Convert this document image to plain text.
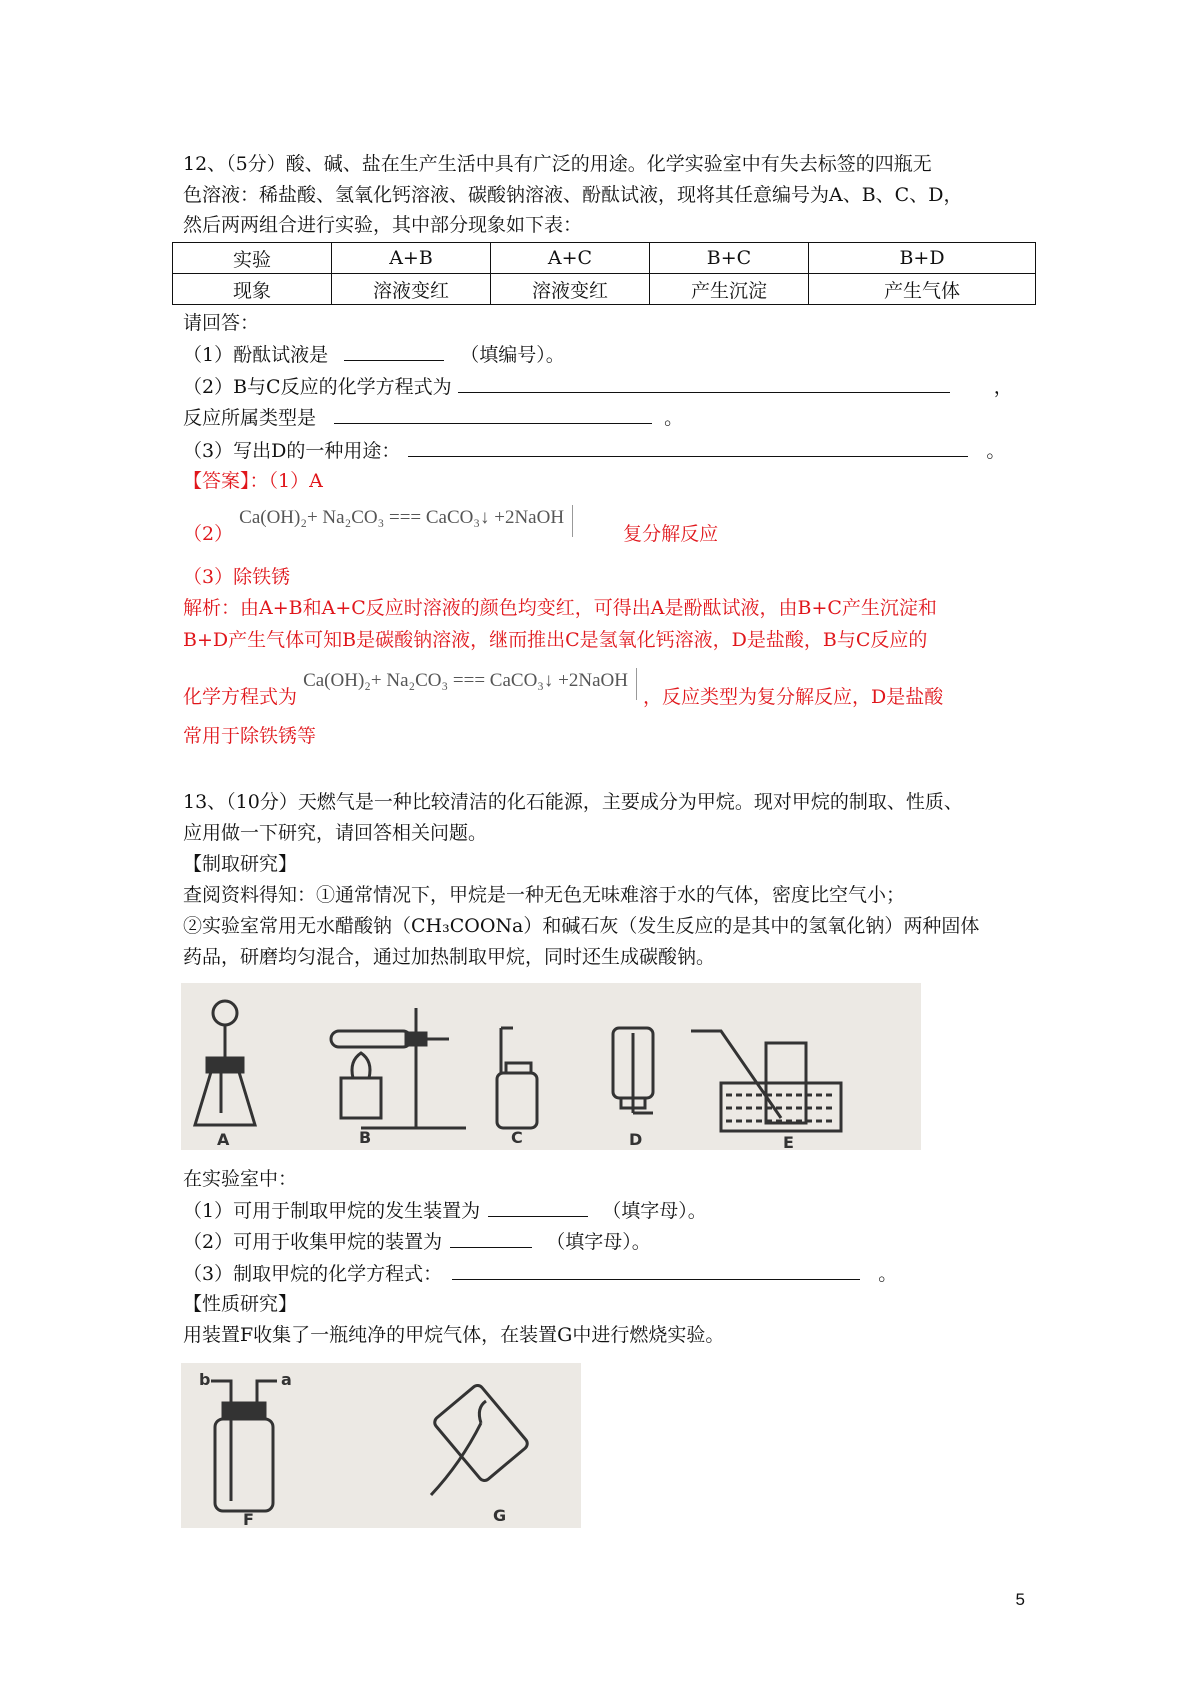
12、（5分）酸、碱、盐在生产生活中具有广泛的用途。化学实验室中有失去标签的四瓶无
色溶液：稀盐酸、氢氧化钙溶液、碳酸钠溶液、酚酞试液，现将其任意编号为A、B、C、D，
然后两两组合进行实验，其中部分现象如下表：
实验	A+B	A+C	B+C	B+D
现象	溶液变红	溶液变红	产生沉淀	产生气体
请回答：
（1）酚酞试液是	（填编号）。
（2）B与C反应的化学方程式为	，
反应所属类型是	。
（3）写出D的一种用途：	。
【答案】：（1）A
（2） Ca(OH)₂+ Na₂CO₃ === CaCO₃↓ +2NaOH 复分解反应
（3）除铁锈
解析：由A+B和A+C反应时溶液的颜色均变红，可得出A是酚酞试液，由B+C产生沉淀和
B+D产生气体可知B是碳酸钠溶液，继而推出C是氢氧化钙溶液，D是盐酸，B与C反应的
化学方程式为 Ca(OH)₂+ Na₂CO₃ === CaCO₃↓ +2NaOH ，反应类型为复分解反应，D是盐酸
常用于除铁锈等
13、（10分）天燃气是一种比较清洁的化石能源，主要成分为甲烷。现对甲烷的制取、性质、
应用做一下研究，请回答相关问题。
【制取研究】
查阅资料得知：①通常情况下，甲烷是一种无色无味难溶于水的气体，密度比空气小；
②实验室常用无水醋酸钠（CH₃COONa）和碱石灰（发生反应的是其中的氢氧化钠）两种固体
药品，研磨均匀混合，通过加热制取甲烷，同时还生成碳酸钠。
A	B	C	D	E
在实验室中：
（1）可用于制取甲烷的发生装置为	（填字母）。
（2）可用于收集甲烷的装置为	（填字母）。
（3）制取甲烷的化学方程式：	。
【性质研究】
用装置F收集了一瓶纯净的甲烷气体，在装置G中进行燃烧实验。
b	a
F	G
5
